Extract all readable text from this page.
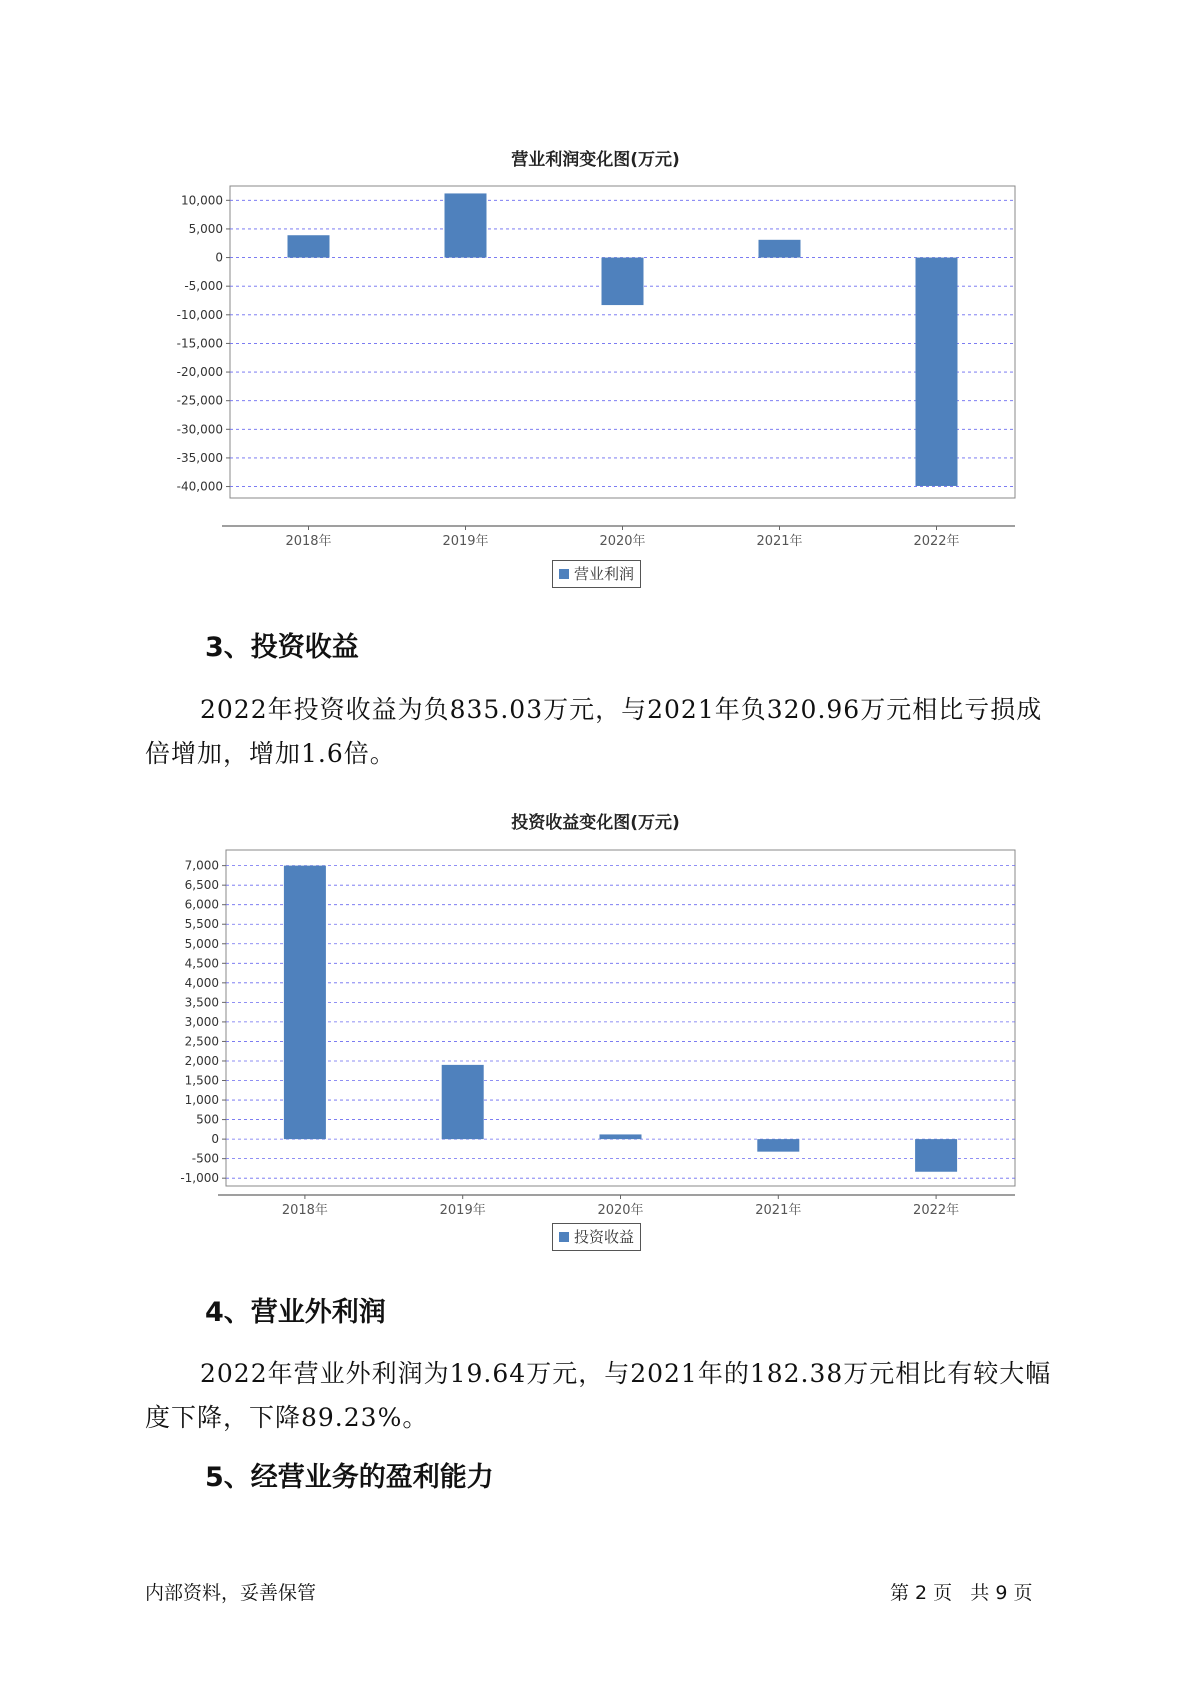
营业利润变化图(万元)
10,000
5,000
0
-5,000
-10,000
-15,000
-20,000
-25,000
-30,000
-35,000
-40,000
2018年	2019年	2020年	2021年	2022年
营业利润
3、投资收益

2022年投资收益为负835.03万元，与2021年负320.96万元相比亏损成

倍增加，增加1.6倍。
投资收益变化图(万元)
7,000
6,500
6,000
5,500
5,000
4,500
4,000
3,500
3,000
2,500
2,000
1,500
1,000
500
0
-500
-1,000
2018年	2019年	2020年	2021年	2022年
投资收益
4、营业外利润

2022年营业外利润为19.64万元，与2021年的182.38万元相比有较大幅

度下降，下降89.23%。
5、经营业务的盈利能力
内部资料，妥善保管	第 2 页   共 9 页
